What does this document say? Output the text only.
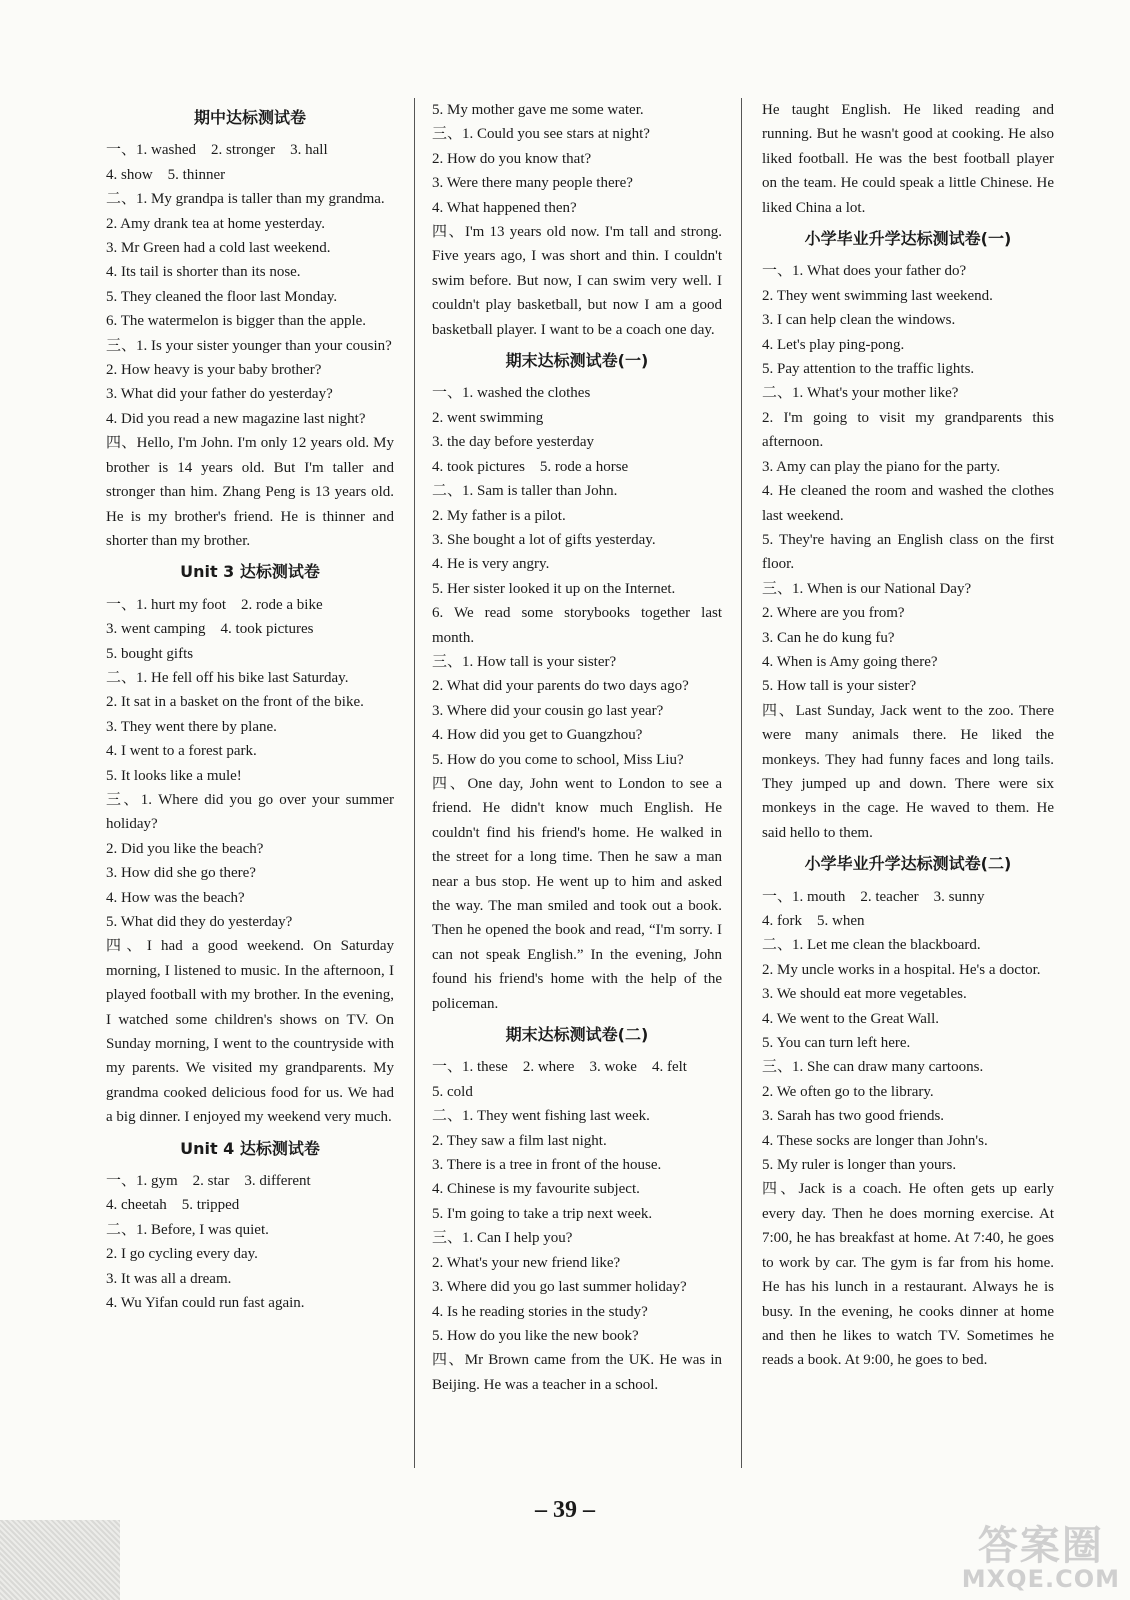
期中达标测试卷
一、1. washed　2. stronger　3. hall
4. show　5. thinner
二、1. My grandpa is taller than my grandma.
2. Amy drank tea at home yesterday.
3. Mr Green had a cold last weekend.
4. Its tail is shorter than its nose.
5. They cleaned the floor last Monday.
6. The watermelon is bigger than the apple.
三、1. Is your sister younger than your cousin?
2. How heavy is your baby brother?
3. What did your father do yesterday?
4. Did you read a new magazine last night?
四、Hello, I'm John. I'm only 12 years old. My brother is 14 years old. But I'm taller and stronger than him. Zhang Peng is 13 years old. He is my brother's friend. He is thinner and shorter than my brother.
Unit 3 达标测试卷
一、1. hurt my foot　2. rode a bike
3. went camping　4. took pictures
5. bought gifts
二、1. He fell off his bike last Saturday.
2. It sat in a basket on the front of the bike.
3. They went there by plane.
4. I went to a forest park.
5. It looks like a mule!
三、1. Where did you go over your summer holiday?
2. Did you like the beach?
3. How did she go there?
4. How was the beach?
5. What did they do yesterday?
四、I had a good weekend. On Saturday morning, I listened to music. In the afternoon, I played football with my brother. In the evening, I watched some children's shows on TV. On Sunday morning, I went to the countryside with my parents. We visited my grandparents. My grandma cooked delicious food for us. We had a big dinner. I enjoyed my weekend very much.
Unit 4 达标测试卷
一、1. gym　2. star　3. different
4. cheetah　5. tripped
二、1. Before, I was quiet.
2. I go cycling every day.
3. It was all a dream.
4. Wu Yifan could run fast again.
5. My mother gave me some water.
三、1. Could you see stars at night?
2. How do you know that?
3. Were there many people there?
4. What happened then?
四、I'm 13 years old now. I'm tall and strong. Five years ago, I was short and thin. I couldn't swim before. But now, I can swim very well. I couldn't play basketball, but now I am a good basketball player. I want to be a coach one day.
期末达标测试卷(一)
一、1. washed the clothes
2. went swimming
3. the day before yesterday
4. took pictures　5. rode a horse
二、1. Sam is taller than John.
2. My father is a pilot.
3. She bought a lot of gifts yesterday.
4. He is very angry.
5. Her sister looked it up on the Internet.
6. We read some storybooks together last month.
三、1. How tall is your sister?
2. What did your parents do two days ago?
3. Where did your cousin go last year?
4. How did you get to Guangzhou?
5. How do you come to school, Miss Liu?
四、One day, John went to London to see a friend. He didn't know much English. He couldn't find his friend's home. He walked in the street for a long time. Then he saw a man near a bus stop. He went up to him and asked the way. The man smiled and took out a book. Then he opened the book and read, “I'm sorry. I can not speak English.” In the evening, John found his friend's home with the help of the policeman.
期末达标测试卷(二)
一、1. these　2. where　3. woke　4. felt
5. cold
二、1. They went fishing last week.
2. They saw a film last night.
3. There is a tree in front of the house.
4. Chinese is my favourite subject.
5. I'm going to take a trip next week.
三、1. Can I help you?
2. What's your new friend like?
3. Where did you go last summer holiday?
4. Is he reading stories in the study?
5. How do you like the new book?
四、Mr Brown came from the UK. He was in Beijing. He was a teacher in a school.
He taught English. He liked reading and running. But he wasn't good at cooking. He also liked football. He was the best football player on the team. He could speak a little Chinese. He liked China a lot.
小学毕业升学达标测试卷(一)
一、1. What does your father do?
2. They went swimming last weekend.
3. I can help clean the windows.
4. Let's play ping-pong.
5. Pay attention to the traffic lights.
二、1. What's your mother like?
2. I'm going to visit my grandparents this afternoon.
3. Amy can play the piano for the party.
4. He cleaned the room and washed the clothes last weekend.
5. They're having an English class on the first floor.
三、1. When is our National Day?
2. Where are you from?
3. Can he do kung fu?
4. When is Amy going there?
5. How tall is your sister?
四、Last Sunday, Jack went to the zoo. There were many animals there. He liked the monkeys. They had funny faces and long tails. They jumped up and down. There were six monkeys in the cage. He waved to them. He said hello to them.
小学毕业升学达标测试卷(二)
一、1. mouth　2. teacher　3. sunny
4. fork　5. when
二、1. Let me clean the blackboard.
2. My uncle works in a hospital. He's a doctor.
3. We should eat more vegetables.
4. We went to the Great Wall.
5. You can turn left here.
三、1. She can draw many cartoons.
2. We often go to the library.
3. Sarah has two good friends.
4. These socks are longer than John's.
5. My ruler is longer than yours.
四、Jack is a coach. He often gets up early every day. Then he does morning exercise. At 7:00, he has breakfast at home. At 7:40, he goes to work by car. The gym is far from his home. He has his lunch in a restaurant. Always he is busy. In the evening, he cooks dinner at home and then he likes to watch TV. Sometimes he reads a book. At 9:00, he goes to bed.
– 39 –
答案圈
MXQE.COM
